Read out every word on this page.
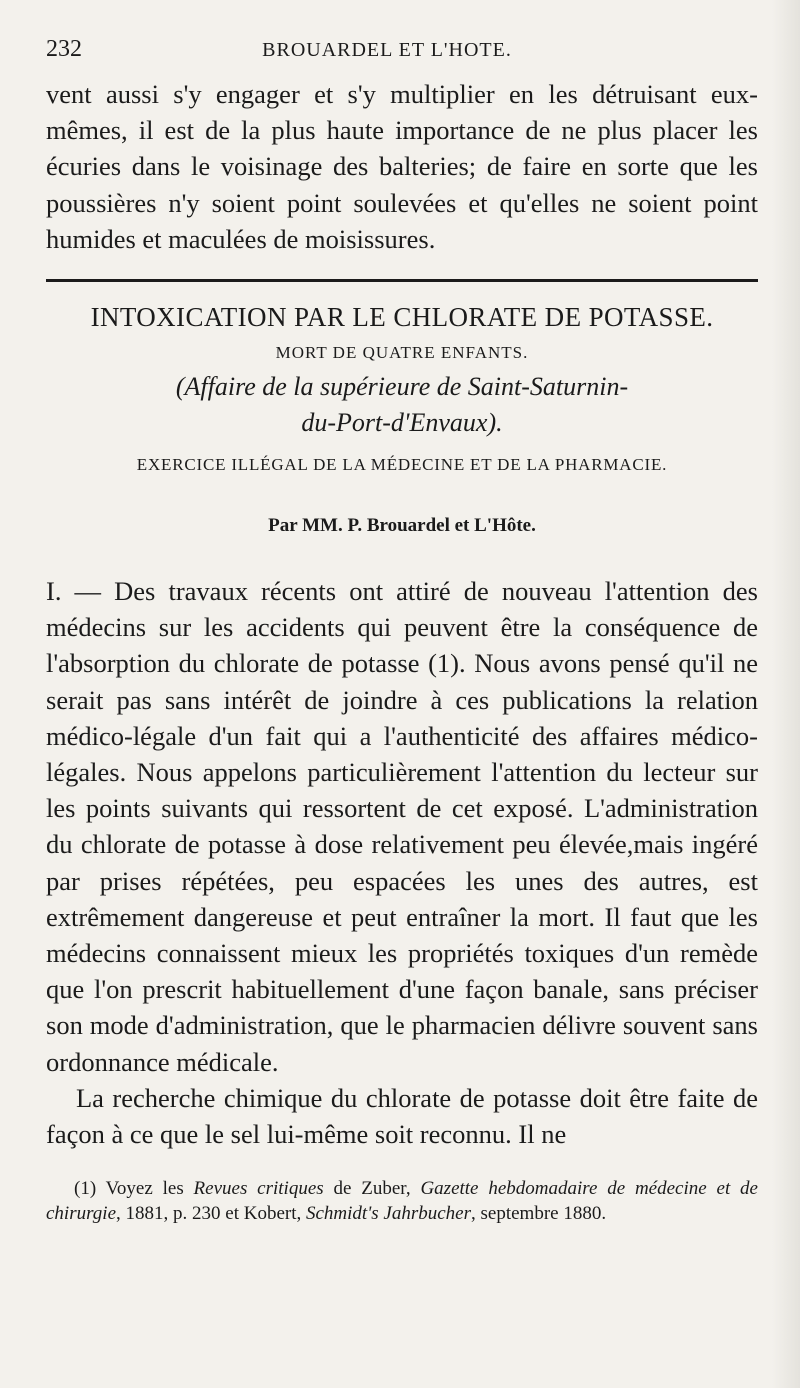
232	BROUARDEL ET L'HOTE.

vent aussi s'y engager et s'y multiplier en les détruisant eux-mêmes, il est de la plus haute importance de ne plus placer les écuries dans le voisinage des balteries; de faire en sorte que les poussières n'y soient point soulevées et qu'elles ne soient point humides et maculées de moisissures.

INTOXICATION PAR LE CHLORATE DE POTASSE.
MORT DE QUATRE ENFANTS.
(Affaire de la supérieure de Saint-Saturnin-
du-Port-d'Envaux).
EXERCICE ILLÉGAL DE LA MÉDECINE ET DE LA PHARMACIE.
Par MM. P. Brouardel et L'Hôte.

I. — Des travaux récents ont attiré de nouveau l'attention des médecins sur les accidents qui peuvent être la conséquence de l'absorption du chlorate de potasse (1). Nous avons pensé qu'il ne serait pas sans intérêt de joindre à ces publications la relation médico-légale d'un fait qui a l'authenticité des affaires médico-légales. Nous appelons particulièrement l'attention du lecteur sur les points suivants qui ressortent de cet exposé. L'administration du chlorate de potasse à dose relativement peu élevée,mais ingéré par prises répétées, peu espacées les unes des autres, est extrêmement dangereuse et peut entraîner la mort. Il faut que les médecins connaissent mieux les propriétés toxiques d'un remède que l'on prescrit habituellement d'une façon banale, sans préciser son mode d'administration, que le pharmacien délivre souvent sans ordonnance médicale.

La recherche chimique du chlorate de potasse doit être faite de façon à ce que le sel lui-même soit reconnu. Il ne

(1) Voyez les Revues critiques de Zuber, Gazette hebdomadaire de médecine et de chirurgie, 1881, p. 230 et Kobert, Schmidt's Jahrbucher, septembre 1880.
